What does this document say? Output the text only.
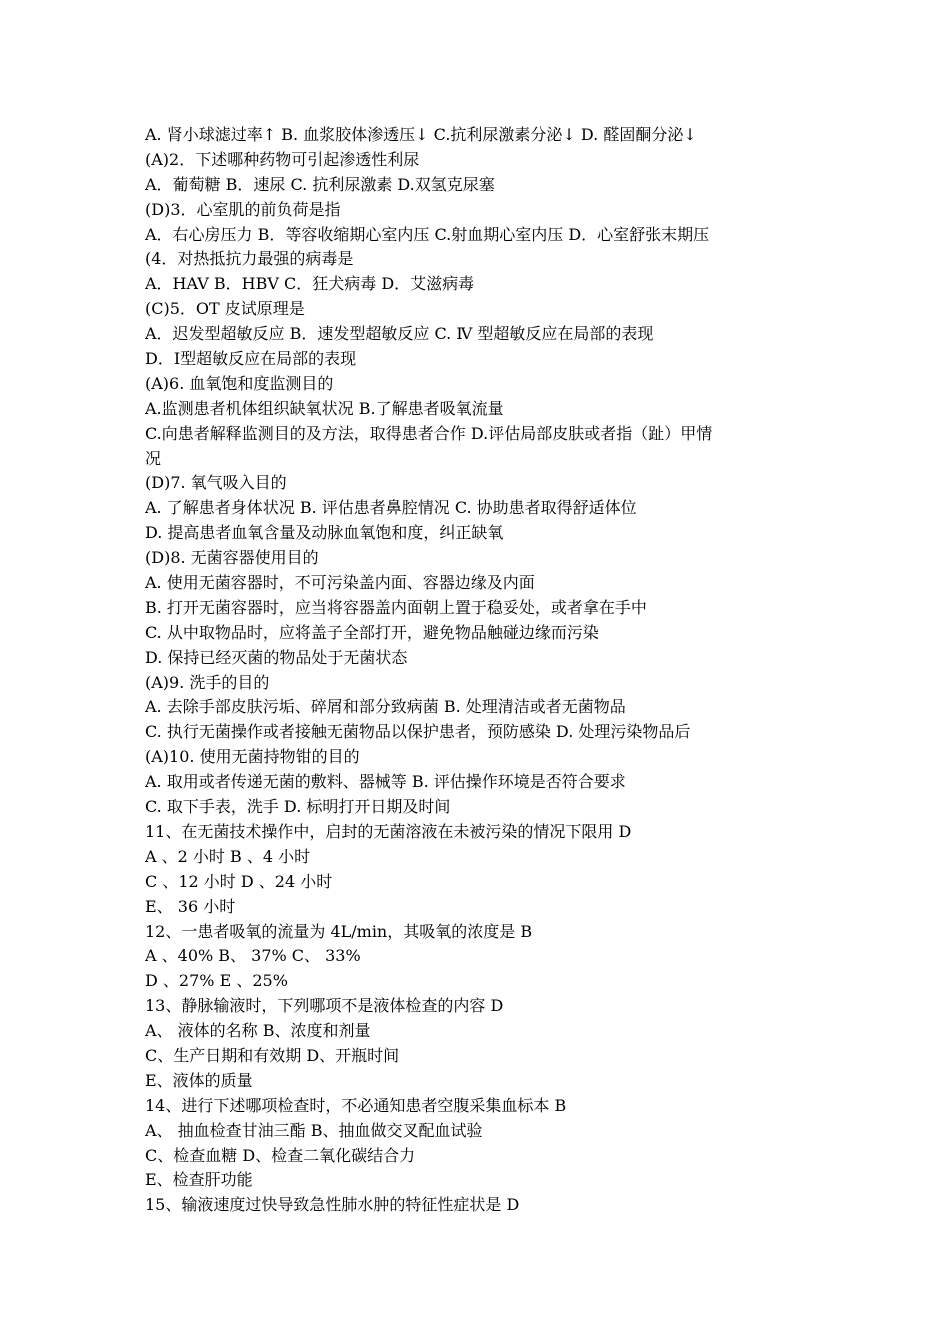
A. 肾小球滤过率↑ B. 血浆胶体渗透压↓ C.抗利尿激素分泌↓ D. 醛固酮分泌↓
(A)2．下述哪种药物可引起渗透性利尿
A．葡萄糖 B．速尿 C. 抗利尿激素 D.双氢克尿塞
(D)3．心室肌的前负荷是指
A．右心房压力 B．等容收缩期心室内压 C.射血期心室内压 D．心室舒张末期压
(4．对热抵抗力最强的病毒是
A．HAV B．HBV C．狂犬病毒 D．艾滋病毒
(C)5．OT 皮试原理是
A．迟发型超敏反应 B．速发型超敏反应 C. Ⅳ 型超敏反应在局部的表现
D．Ⅰ型超敏反应在局部的表现
(A)6. 血氧饱和度监测目的
A.监测患者机体组织缺氧状况 B.了解患者吸氧流量
C.向患者解释监测目的及方法，取得患者合作 D.评估局部皮肤或者指（趾）甲情
况
(D)7. 氧气吸入目的
A. 了解患者身体状况 B. 评估患者鼻腔情况 C. 协助患者取得舒适体位
D. 提高患者血氧含量及动脉血氧饱和度，纠正缺氧
(D)8. 无菌容器使用目的
A. 使用无菌容器时，不可污染盖内面、容器边缘及内面
B. 打开无菌容器时，应当将容器盖内面朝上置于稳妥处，或者拿在手中
C. 从中取物品时，应将盖子全部打开，避免物品触碰边缘而污染
D. 保持已经灭菌的物品处于无菌状态
(A)9. 洗手的目的
A. 去除手部皮肤污垢、碎屑和部分致病菌 B. 处理清洁或者无菌物品
C. 执行无菌操作或者接触无菌物品以保护患者，预防感染 D. 处理污染物品后
(A)10. 使用无菌持物钳的目的
A. 取用或者传递无菌的敷料、器械等 B. 评估操作环境是否符合要求
C. 取下手表，洗手 D. 标明打开日期及时间
11、在无菌技术操作中，启封的无菌溶液在未被污染的情况下限用 D
A 、2 小时 B 、4 小时
C 、12 小时 D 、24 小时
E、 36 小时
12、一患者吸氧的流量为 4L/min，其吸氧的浓度是 B
A 、40% B、 37% C、 33%
D 、27% E 、25%
13、静脉输液时，下列哪项不是液体检查的内容 D
A、 液体的名称 B、浓度和剂量
C、生产日期和有效期 D、开瓶时间
E、液体的质量
14、进行下述哪项检查时，不必通知患者空腹采集血标本 B
A、 抽血检查甘油三酯 B、抽血做交叉配血试验
C、检查血糖 D、检查二氧化碳结合力
E、检查肝功能
15、输液速度过快导致急性肺水肿的特征性症状是 D
